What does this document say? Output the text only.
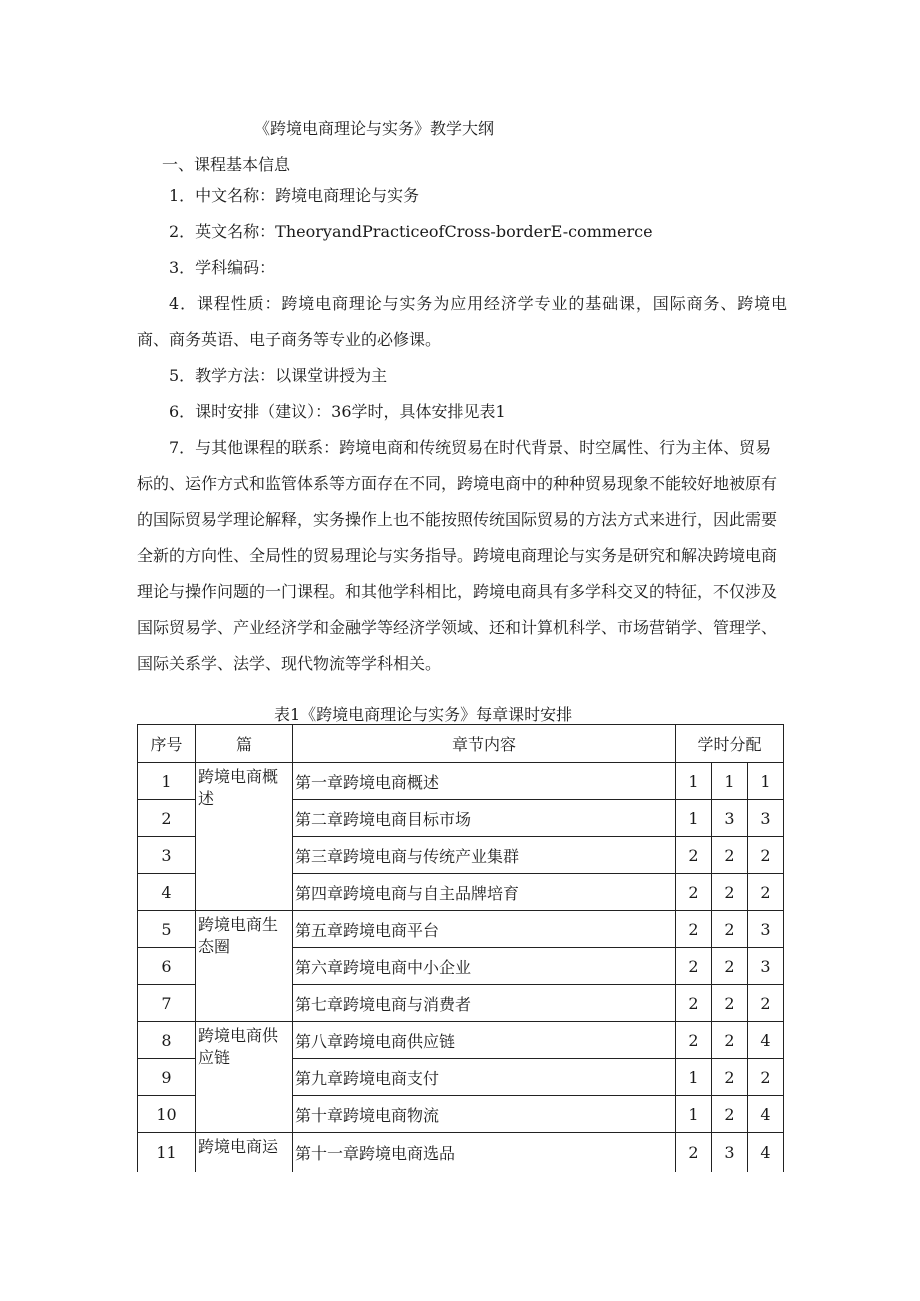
《跨境电商理论与实务》教学大纲
一、课程基本信息

1．中文名称：跨境电商理论与实务

2．英文名称：TheoryandPracticeofCross-borderE-commerce

3．学科编码：

4．课程性质：跨境电商理论与实务为应用经济学专业的基础课，国际商务、跨境电商、商务英语、电子商务等专业的必修课。

5．教学方法：以课堂讲授为主

6．课时安排（建议）：36学时，具体安排见表1

7．与其他课程的联系：跨境电商和传统贸易在时代背景、时空属性、行为主体、贸易标的、运作方式和监管体系等方面存在不同，跨境电商中的种种贸易现象不能较好地被原有的国际贸易学理论解释，实务操作上也不能按照传统国际贸易的方法方式来进行，因此需要全新的方向性、全局性的贸易理论与实务指导。跨境电商理论与实务是研究和解决跨境电商理论与操作问题的一门课程。和其他学科相比，跨境电商具有多学科交叉的特征，不仅涉及国际贸易学、产业经济学和金融学等经济学领域、还和计算机科学、市场营销学、管理学、国际关系学、法学、现代物流等学科相关。

表1《跨境电商理论与实务》每章课时安排
序号	篇	章节内容	学时分配		
1	跨境电商概述	第一章跨境电商概述	1	1	1
2		第二章跨境电商目标市场	1	3	3
3		第三章跨境电商与传统产业集群	2	2	2
4		第四章跨境电商与自主品牌培育	2	2	2
5	跨境电商生态圈	第五章跨境电商平台	2	2	3
6		第六章跨境电商中小企业	2	2	3
7		第七章跨境电商与消费者	2	2	2
8	跨境电商供应链	第八章跨境电商供应链	2	2	4
9		第九章跨境电商支付	1	2	2
10		第十章跨境电商物流	1	2	4
11	跨境电商运	第十一章跨境电商选品	2	3	4
